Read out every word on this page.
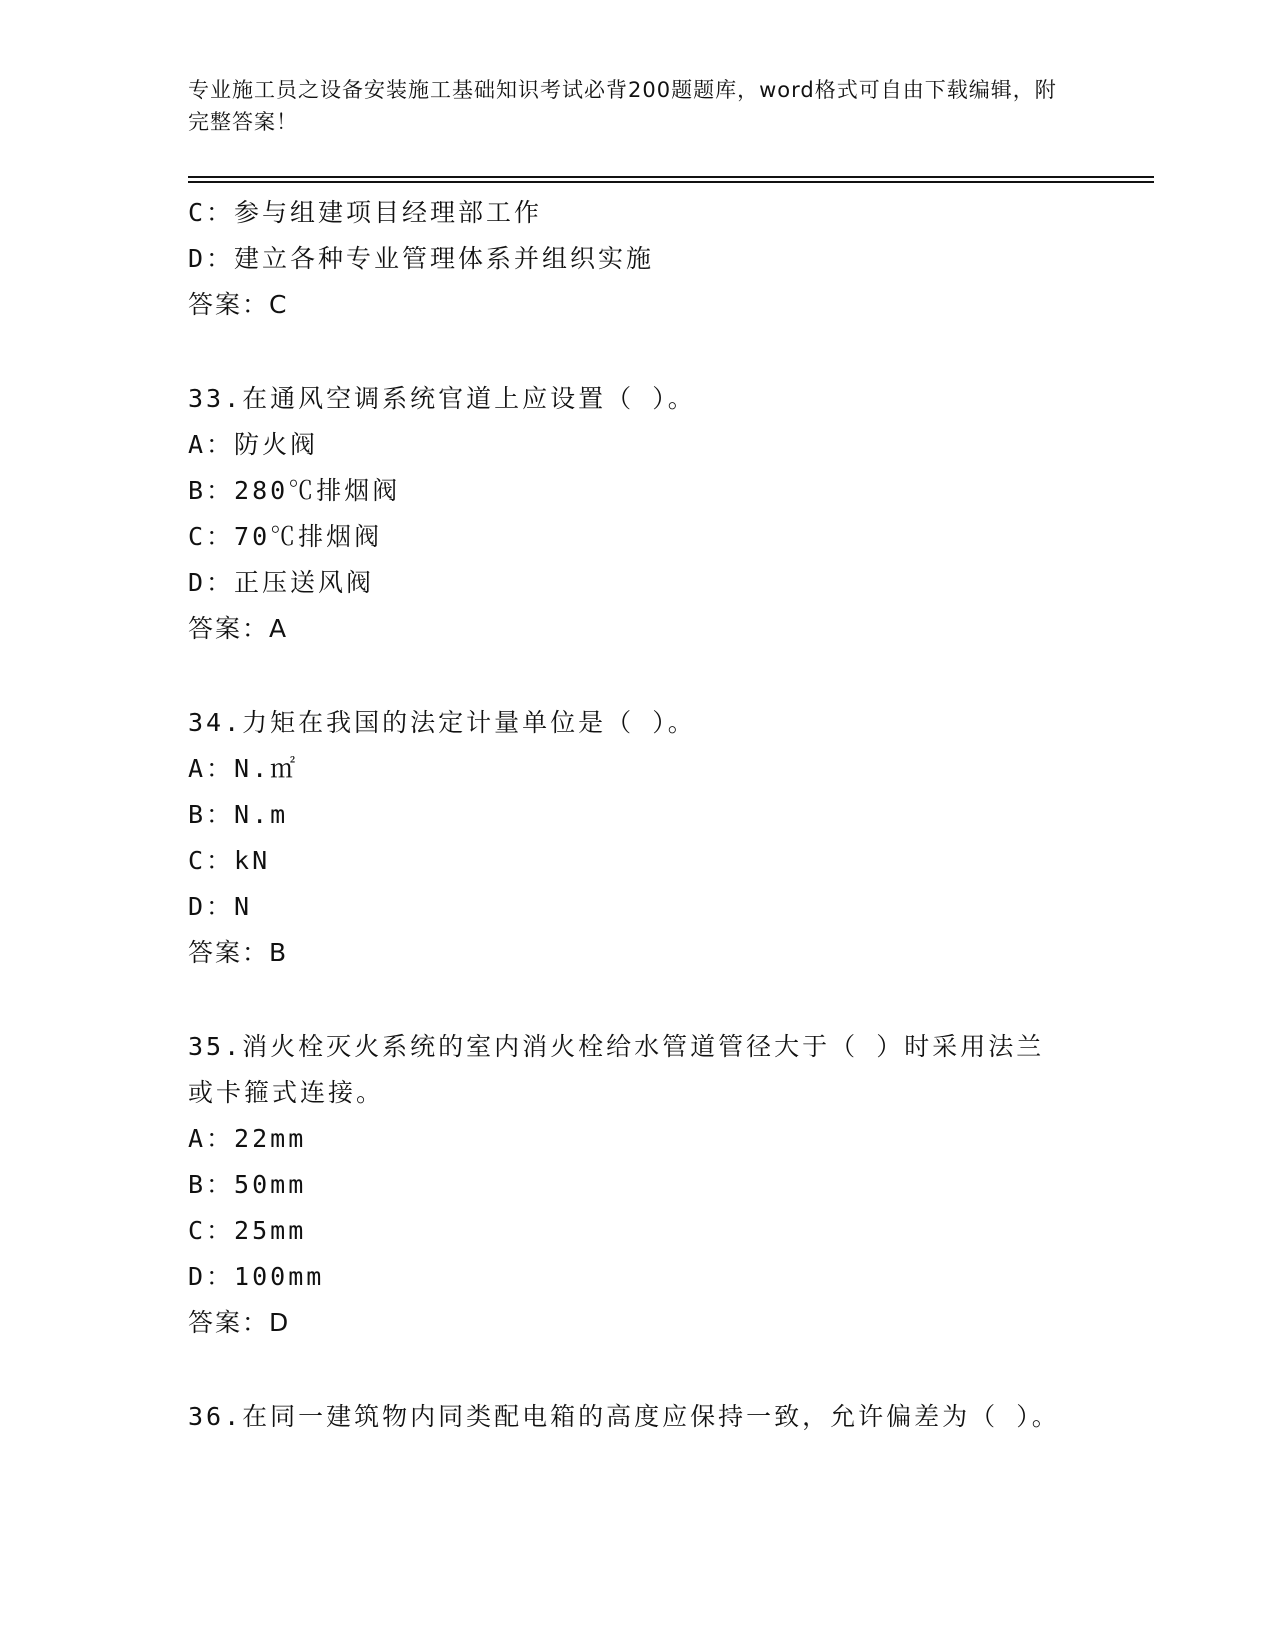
专业施工员之设备安装施工基础知识考试必背200题题库，word格式可自由下载编辑，附完整答案！
C：参与组建项目经理部工作
D：建立各种专业管理体系并组织实施
答案：C
33.在通风空调系统官道上应设置（ ）。
A：防火阀
B：280℃排烟阀
C：70℃排烟阀
D：正压送风阀
答案：A
34.力矩在我国的法定计量单位是（ ）。
A：N.㎡
B：N.m
C：kN
D：N
答案：B
35.消火栓灭火系统的室内消火栓给水管道管径大于（ ）时采用法兰或卡箍式连接。
A：22mm
B：50mm
C：25mm
D：100mm
答案：D
36.在同一建筑物内同类配电箱的高度应保持一致，允许偏差为（ ）。
